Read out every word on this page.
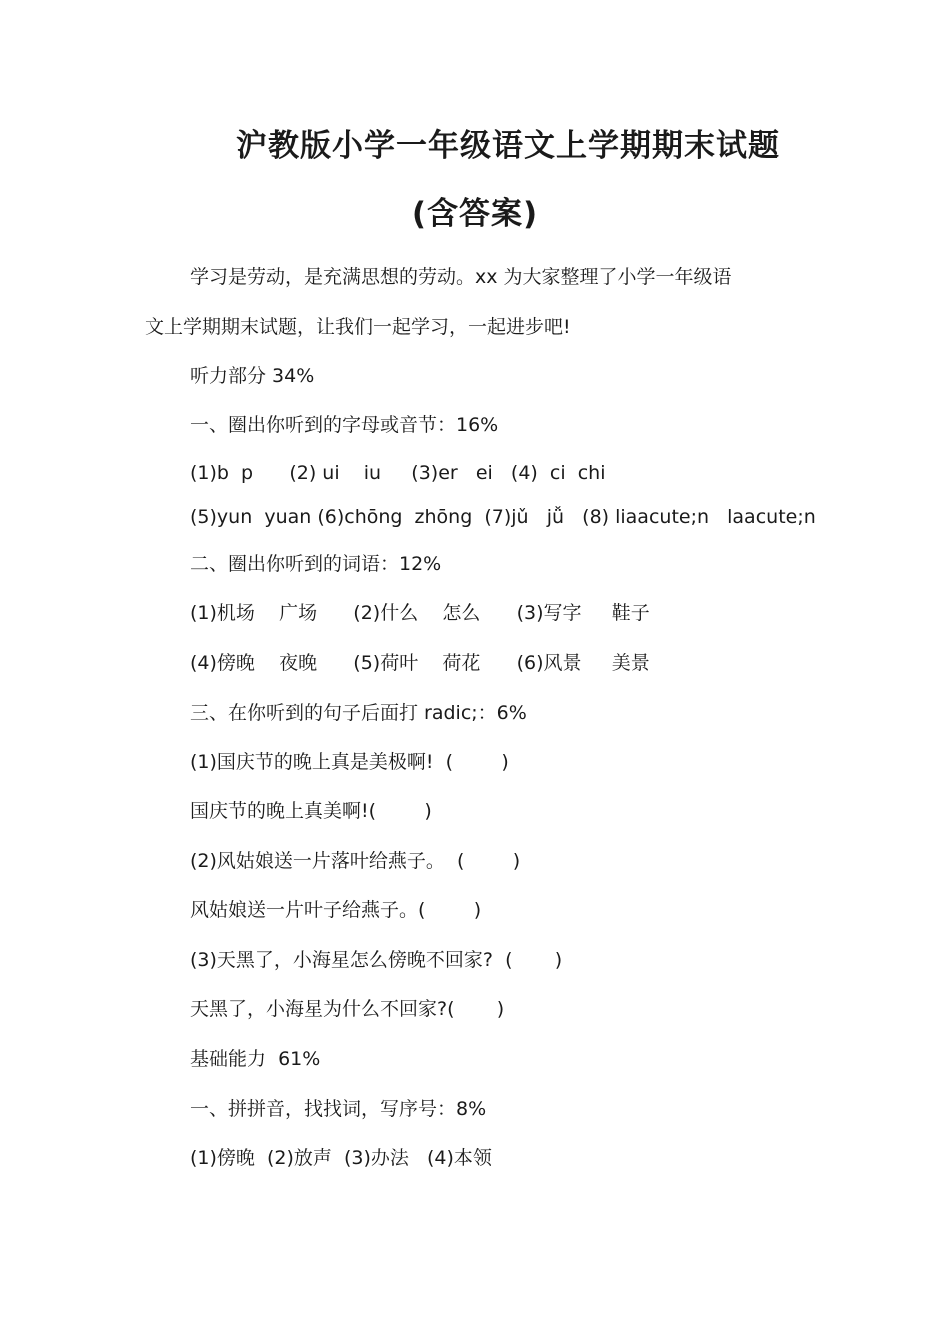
沪教版小学一年级语文上学期期末试题
(含答案)
学习是劳动，是充满思想的劳动。xx 为大家整理了小学一年级语
文上学期期末试题，让我们一起学习，一起进步吧!
听力部分 34%
一、圈出你听到的字母或音节：16%
(1)b  p      (2) ui    iu     (3)er   ei   (4)  ci  chi
(5)yun  yuan (6)chōng  zhōng  (7)jǔ   jǚ   (8) liaacute;n   laacute;n
二、圈出你听到的词语：12%
(1)机场    广场      (2)什么    怎么      (3)写字     鞋子
(4)傍晚    夜晚      (5)荷叶    荷花      (6)风景     美景
三、在你听到的句子后面打 radic;：6%
(1)国庆节的晚上真是美极啊!  (        )
国庆节的晚上真美啊!(        )
(2)风姑娘送一片落叶给燕子。  (        )
风姑娘送一片叶子给燕子。(        )
(3)天黑了，小海星怎么傍晚不回家?  (       )
天黑了，小海星为什么不回家?(       )
基础能力  61%
一、拼拼音，找找词，写序号：8%
(1)傍晚  (2)放声  (3)办法   (4)本领
